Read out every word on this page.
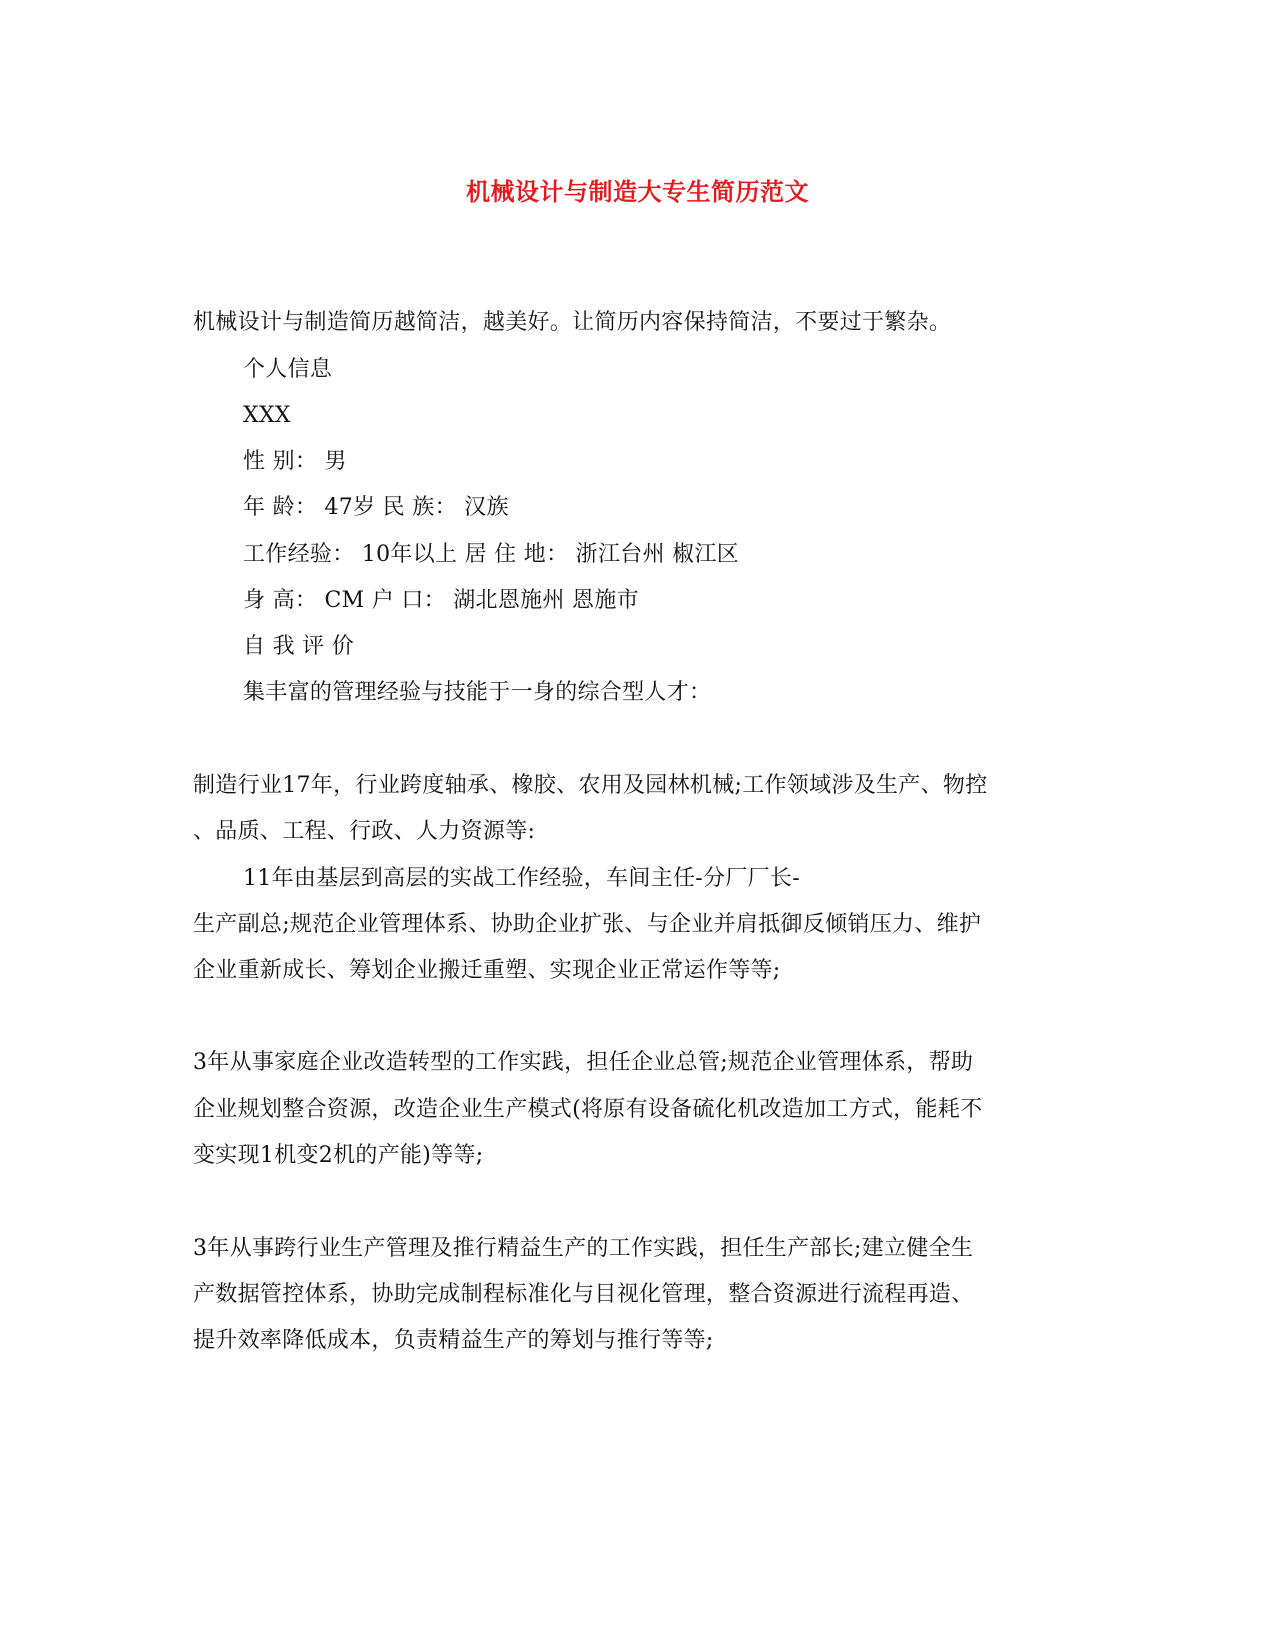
机械设计与制造大专生简历范文
机械设计与制造简历越简洁，越美好。让简历内容保持简洁，不要过于繁杂。
个人信息
XXX
性 别： 男
年 龄： 47岁 民 族： 汉族
工作经验： 10年以上 居 住 地： 浙江台州 椒江区
身 高： CM 户 口： 湖北恩施州 恩施市
自 我 评 价
集丰富的管理经验与技能于一身的综合型人才：
制造行业17年，行业跨度轴承、橡胶、农用及园林机械;工作领域涉及生产、物控
、品质、工程、行政、人力资源等:
11年由基层到高层的实战工作经验，车间主任-分厂厂长-
生产副总;规范企业管理体系、协助企业扩张、与企业并肩抵御反倾销压力、维护
企业重新成长、筹划企业搬迁重塑、实现企业正常运作等等;
3年从事家庭企业改造转型的工作实践，担任企业总管;规范企业管理体系，帮助
企业规划整合资源，改造企业生产模式(将原有设备硫化机改造加工方式，能耗不
变实现1机变2机的产能)等等;
3年从事跨行业生产管理及推行精益生产的工作实践，担任生产部长;建立健全生
产数据管控体系，协助完成制程标准化与目视化管理，整合资源进行流程再造、
提升效率降低成本，负责精益生产的筹划与推行等等;
